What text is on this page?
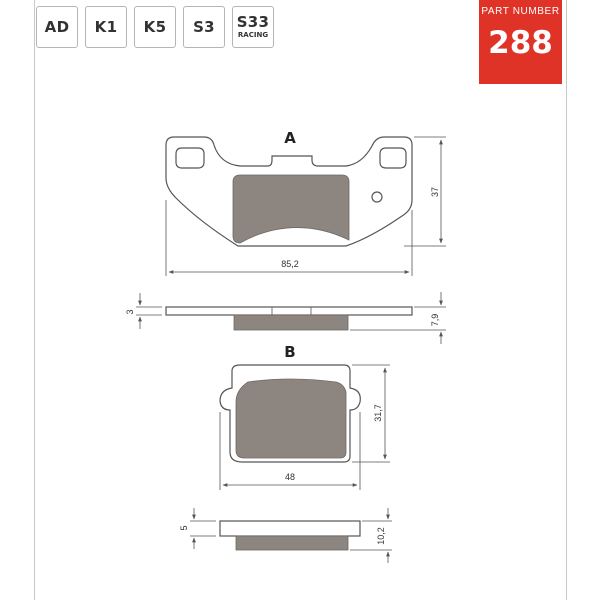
AD K1 K5 S3 S33
RACING
PART NUMBER
288
A
37
85,2
3
7,9
B
31,7
48
5	10,2
